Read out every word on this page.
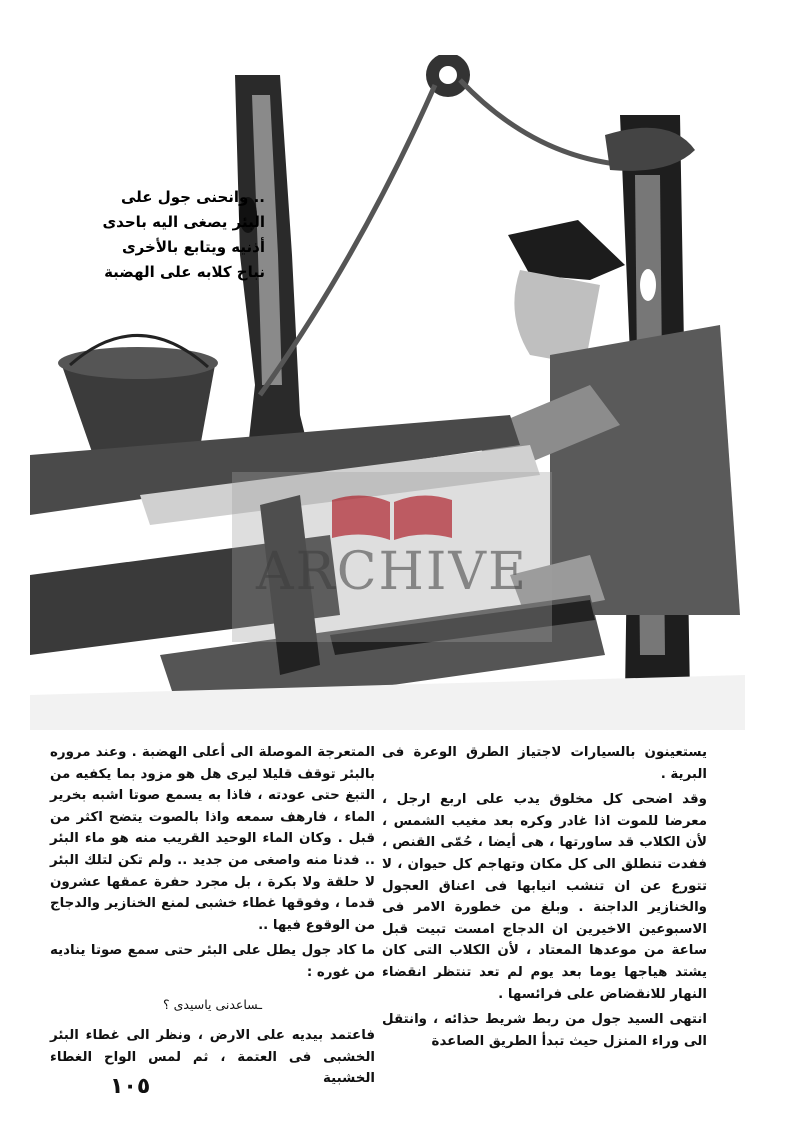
.. وانحنى جول على

البئر يصغى اليه باحدى

أذنيه ويتابع بالأخرى

نباح كلابه على الهضبة

ARCHIVE

يستعينون بالسيارات لاجتياز الطرق الوعرة فى البرية .

وقد اضحى كل مخلوق يدب على اربع ارجل ، معرضا للموت اذا غادر وكره بعد مغيب الشمس ، لأن الكلاب قد ساورتها ، هى أيضا ، حُمّى القنص ، ففدت تنطلق الى كل مكان وتهاجم كل حيوان ، لا تتورع عن ان تنشب انيابها فى اعناق العجول والخنازير الداجنة . وبلغ من خطورة الامر فى الاسبوعين الاخيرين ان الدجاج امست تبيت قبل ساعة من موعدها المعتاد ، لأن الكلاب التى كان يشتد هياجها يوما بعد يوم لم تعد تنتظر انقضاء النهار للانقضاض على فرائسها .

انتهى السيد جول من ربط شريط حذائه ، وانتقل الى وراء المنزل حيث تبدأ الطريق الصاعدة

المتعرجة الموصلة الى أعلى الهضبة . وعند مروره بالبئر توقف قليلا ليرى هل هو مزود بما يكفيه من التبغ حتى عودته ، فاذا به يسمع صوتا اشبه بخرير الماء ، فارهف سمعه واذا بالصوت يتضح اكثر من قبل . وكان الماء الوحيد القريب منه هو ماء البئر .. فدنا منه واصغى من جديد .. ولم تكن لتلك البئر لا حلقة ولا بكرة ، بل مجرد حفرة عمقها عشرون قدما ، وفوقها غطاء خشبى لمنع الخنازير والدجاج من الوقوع فيها ..

ما كاد جول يطل على البئر حتى سمع صوتا يناديه من غوره :

ـساعدنى ياسيدى ؟

فاعتمد بيديه على الارض ، ونظر الى غطاء البئر الخشبى فى العتمة ، ثم لمس الواح الغطاء الخشبية

١٠٥
